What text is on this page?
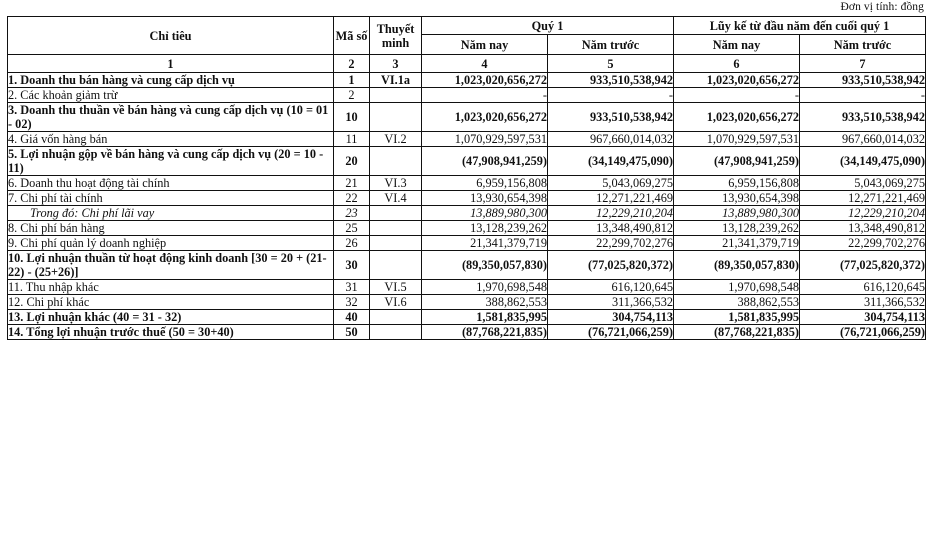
Đơn vị tính: đồng
Chỉ tiêu	Mã số	Thuyết minh	Quý 1		Lũy kế từ đầu năm đến cuối quý 1	
			Năm nay	Năm trước	Năm nay	Năm trước
1	2	3	4	5	6	7
1. Doanh thu bán hàng và cung cấp dịch vụ	1	VI.1a	1,023,020,656,272	933,510,538,942	1,023,020,656,272	933,510,538,942
2. Các khoản giảm trừ	2		-	-	-	-
3. Doanh thu thuần về bán hàng và cung cấp dịch vụ (10 = 01 - 02)	10		1,023,020,656,272	933,510,538,942	1,023,020,656,272	933,510,538,942
4. Giá vốn hàng bán	11	VI.2	1,070,929,597,531	967,660,014,032	1,070,929,597,531	967,660,014,032
5. Lợi nhuận gộp về bán hàng và cung cấp dịch vụ (20 = 10 - 11)	20		(47,908,941,259)	(34,149,475,090)	(47,908,941,259)	(34,149,475,090)
6. Doanh thu hoạt động tài chính	21	VI.3	6,959,156,808	5,043,069,275	6,959,156,808	5,043,069,275
7. Chi phí tài chính	22	VI.4	13,930,654,398	12,271,221,469	13,930,654,398	12,271,221,469
Trong đó: Chi phí lãi vay	23		13,889,980,300	12,229,210,204	13,889,980,300	12,229,210,204
8. Chi phí bán hàng	25		13,128,239,262	13,348,490,812	13,128,239,262	13,348,490,812
9. Chi phí quản lý doanh nghiệp	26		21,341,379,719	22,299,702,276	21,341,379,719	22,299,702,276
10. Lợi nhuận thuần từ hoạt động kinh doanh [30 = 20 + (21-22) - (25+26)]	30		(89,350,057,830)	(77,025,820,372)	(89,350,057,830)	(77,025,820,372)
11. Thu nhập khác	31	VI.5	1,970,698,548	616,120,645	1,970,698,548	616,120,645
12. Chi phí khác	32	VI.6	388,862,553	311,366,532	388,862,553	311,366,532
13. Lợi nhuận khác (40 = 31 - 32)	40		1,581,835,995	304,754,113	1,581,835,995	304,754,113
14. Tổng lợi nhuận trước thuế (50 = 30+40)	50		(87,768,221,835)	(76,721,066,259)	(87,768,221,835)	(76,721,066,259)
